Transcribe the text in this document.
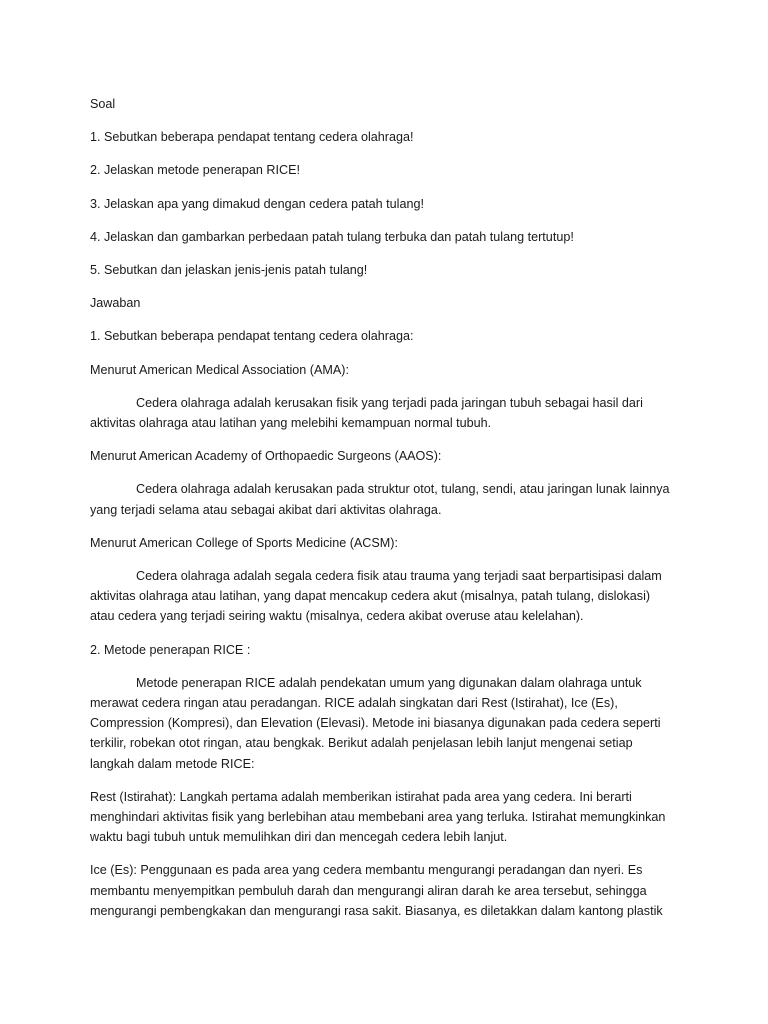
Soal

1. Sebutkan beberapa pendapat tentang cedera olahraga!

2. Jelaskan metode penerapan RICE!

3. Jelaskan apa yang dimakud dengan cedera patah tulang!

4. Jelaskan dan gambarkan perbedaan patah tulang terbuka dan patah tulang tertutup!

5. Sebutkan dan jelaskan jenis-jenis patah tulang!

Jawaban

1. Sebutkan beberapa pendapat tentang cedera olahraga:

Menurut American Medical Association (AMA):

Cedera olahraga adalah kerusakan fisik yang terjadi pada jaringan tubuh sebagai hasil dari aktivitas olahraga atau latihan yang melebihi kemampuan normal tubuh.

Menurut American Academy of Orthopaedic Surgeons (AAOS):

Cedera olahraga adalah kerusakan pada struktur otot, tulang, sendi, atau jaringan lunak lainnya yang terjadi selama atau sebagai akibat dari aktivitas olahraga.

Menurut American College of Sports Medicine (ACSM):

Cedera olahraga adalah segala cedera fisik atau trauma yang terjadi saat berpartisipasi dalam aktivitas olahraga atau latihan, yang dapat mencakup cedera akut (misalnya, patah tulang, dislokasi) atau cedera yang terjadi seiring waktu (misalnya, cedera akibat overuse atau kelelahan).

2. Metode penerapan RICE :

Metode penerapan RICE adalah pendekatan umum yang digunakan dalam olahraga untuk merawat cedera ringan atau peradangan. RICE adalah singkatan dari Rest (Istirahat), Ice (Es), Compression (Kompresi), dan Elevation (Elevasi). Metode ini biasanya digunakan pada cedera seperti terkilir, robekan otot ringan, atau bengkak. Berikut adalah penjelasan lebih lanjut mengenai setiap langkah dalam metode RICE:

Rest (Istirahat): Langkah pertama adalah memberikan istirahat pada area yang cedera. Ini berarti menghindari aktivitas fisik yang berlebihan atau membebani area yang terluka. Istirahat memungkinkan waktu bagi tubuh untuk memulihkan diri dan mencegah cedera lebih lanjut.

Ice (Es): Penggunaan es pada area yang cedera membantu mengurangi peradangan dan nyeri. Es membantu menyempitkan pembuluh darah dan mengurangi aliran darah ke area tersebut, sehingga mengurangi pembengkakan dan mengurangi rasa sakit. Biasanya, es diletakkan dalam kantong plastik
